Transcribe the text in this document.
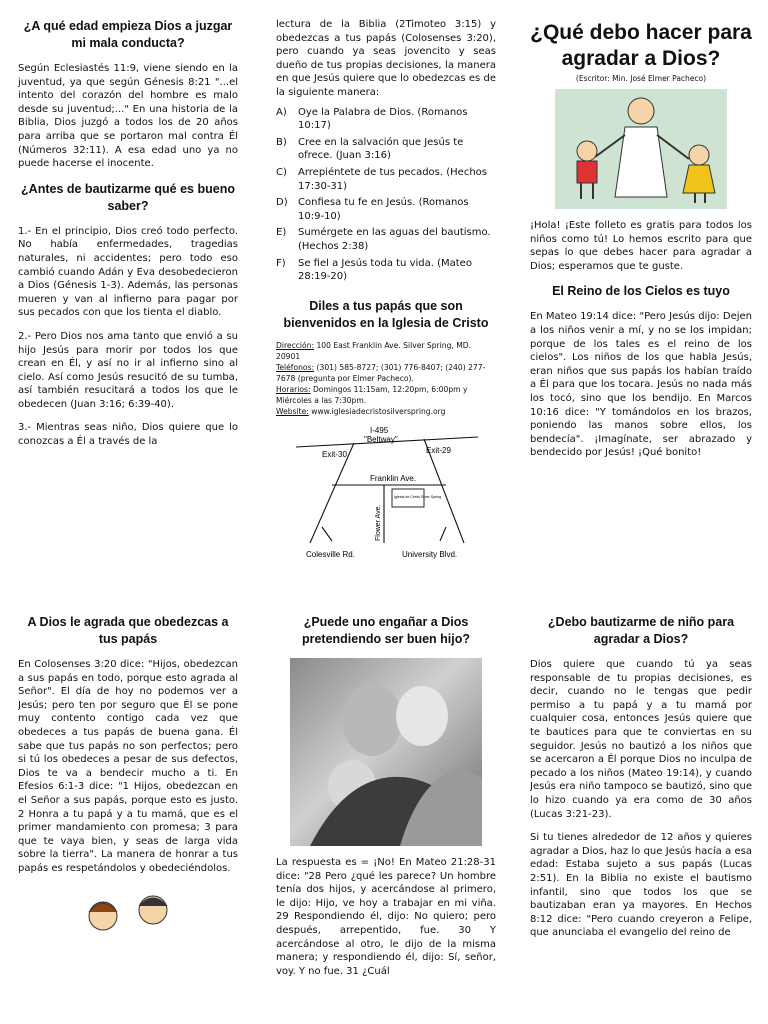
¿A qué edad empieza Dios a juzgar mi mala conducta?

Según Eclesiastés 11:9, viene siendo en la juventud, ya que según Génesis 8:21 "...el intento del corazón del hombre es malo desde su juventud;..." En una historia de la Biblia, Dios juzgó a todos los de 20 años para arriba que se portaron mal contra Él (Números 32:11). A esa edad uno ya no puede hacerse el inocente.

¿Antes de bautizarme qué es bueno saber?

1.- En el principio, Dios creó todo perfecto. No había enfermedades, tragedias naturales, ni accidentes; pero todo eso cambió cuando Adán y Eva desobedecieron a Dios (Génesis 1-3). Además, las personas mueren y van al infierno para pagar por sus pecados con que los tienta el diablo.

2.- Pero Dios nos ama tanto que envió a su hijo Jesús para morir por todos los que crean en Él, y así no ir al infierno sino al cielo. Así como Jesús resucitó de su tumba, así también resucitará a todos los que le obedecen (Juan 3:16; 6:39-40).

3.- Mientras seas niño, Dios quiere que lo conozcas a Él a través de la

lectura de la Biblia (2Timoteo 3:15) y obedezcas a tus papás (Colosenses 3:20), pero cuando ya seas jovencito y seas dueño de tus propias decisiones, la manera en que Jesús quiere que lo obedezcas es de la siguiente manera:

A)	Oye la Palabra de Dios. (Romanos 10:17)
B)	Cree en la salvación que Jesús te ofrece. (Juan 3:16)
C)	Arrepiéntete de tus pecados. (Hechos 17:30-31)
D)	Confiesa tu fe en Jesús. (Romanos 10:9-10)
E)	Sumérgete en las aguas del bautismo. (Hechos 2:38)
F)	Se fiel a Jesús toda tu vida. (Mateo 28:19-20)
Diles a tus papás que son bienvenidos en la Iglesia de Cristo
Dirección: 100 East Franklin Ave. Silver Spring, MD. 20901
Teléfonos: (301) 585-8727; (301) 776-8407; (240) 277-7678 (pregunta por Elmer Pacheco).
Horarios: Domingos 11:15am, 12:20pm, 6:00pm y Miércoles a las 7:30pm.
Website: www.iglesiadecristosilverspring.org
I-495
"Beltway"
Exit-30	Exit-29
Franklin Ave.
Flower Ave.
Iglesia de Cristo Silver Spring
Colesville Rd.	University Blvd.
¿Qué debo hacer para agradar a Dios?
(Escritor: Min. José Elmer Pacheco)

¡Hola! ¡Este folleto es gratis para todos los niños como tú! Lo hemos escrito para que sepas lo que debes hacer para agradar a Dios; esperamos que te guste.

El Reino de los Cielos es tuyo

En Mateo 19:14 dice: "Pero Jesús dijo: Dejen a los niños venir a mí, y no se los impidan; porque de los tales es el reino de los cielos". Los niños de los que habla Jesús, eran niños que sus papás los habían traído a Él para que los tocara. Jesús no nada más los tocó, sino que los bendijo. En Marcos 10:16 dice: "Y tomándolos en los brazos, poniendo las manos sobre ellos, los bendecía". ¡Imagínate, ser abrazado y bendecido por Jesús! ¡Qué bonito!

A Dios le agrada que obedezcas a tus papás

En Colosenses 3:20 dice: "Hijos, obedezcan a sus papás en todo, porque esto agrada al Señor". El día de hoy no podemos ver a Jesús; pero ten por seguro que Él se pone muy contento contigo cada vez que obedeces a tus papás de buena gana. Él sabe que tus papás no son perfectos; pero si tú los obedeces a pesar de sus defectos, Dios te va a bendecir mucho a ti. En Efesios 6:1-3 dice: "1 Hijos, obedezcan en el Señor a sus papás, porque esto es justo. 2 Honra a tu papá y a tu mamá, que es el primer mandamiento con promesa; 3 para que te vaya bien, y seas de larga vida sobre la tierra". La manera de honrar a tus papás es respetándolos y obedeciéndolos.

¿Puede uno engañar a Dios pretendiendo ser buen hijo?

La respuesta es = ¡No! En Mateo 21:28-31 dice: "28 Pero ¿qué les parece? Un hombre tenía dos hijos, y acercándose al primero, le dijo: Hijo, ve hoy a trabajar en mi viña. 29 Respondiendo él, dijo: No quiero; pero después, arrepentido, fue. 30 Y acercándose al otro, le dijo de la misma manera; y respondiendo él, dijo: Sí, señor, voy. Y no fue. 31 ¿Cuál

¿Debo bautizarme de niño para agradar a Dios?

Dios quiere que cuando tú ya seas responsable de tu propias decisiones, es decir, cuando no le tengas que pedir permiso a tu papá y a tu mamá por cualquier cosa, entonces Jesús quiere que te bautices para que te conviertas en su seguidor. Jesús no bautizó a los niños que se acercaron a Él porque Dios no inculpa de pecado a los niños (Mateo 19:14), y cuando Jesús era niño tampoco se bautizó, sino que lo hizo cuando ya era como de 30 años (Lucas 3:21-23).

Si tu tienes alrededor de 12 años y quieres agradar a Dios, haz lo que Jesús hacía a esa edad: Estaba sujeto a sus papás (Lucas 2:51). En la Biblia no existe el bautismo infantil, sino que todos los que se bautizaban eran ya mayores. En Hechos 8:12 dice: "Pero cuando creyeron a Felipe, que anunciaba el evangelio del reino de
